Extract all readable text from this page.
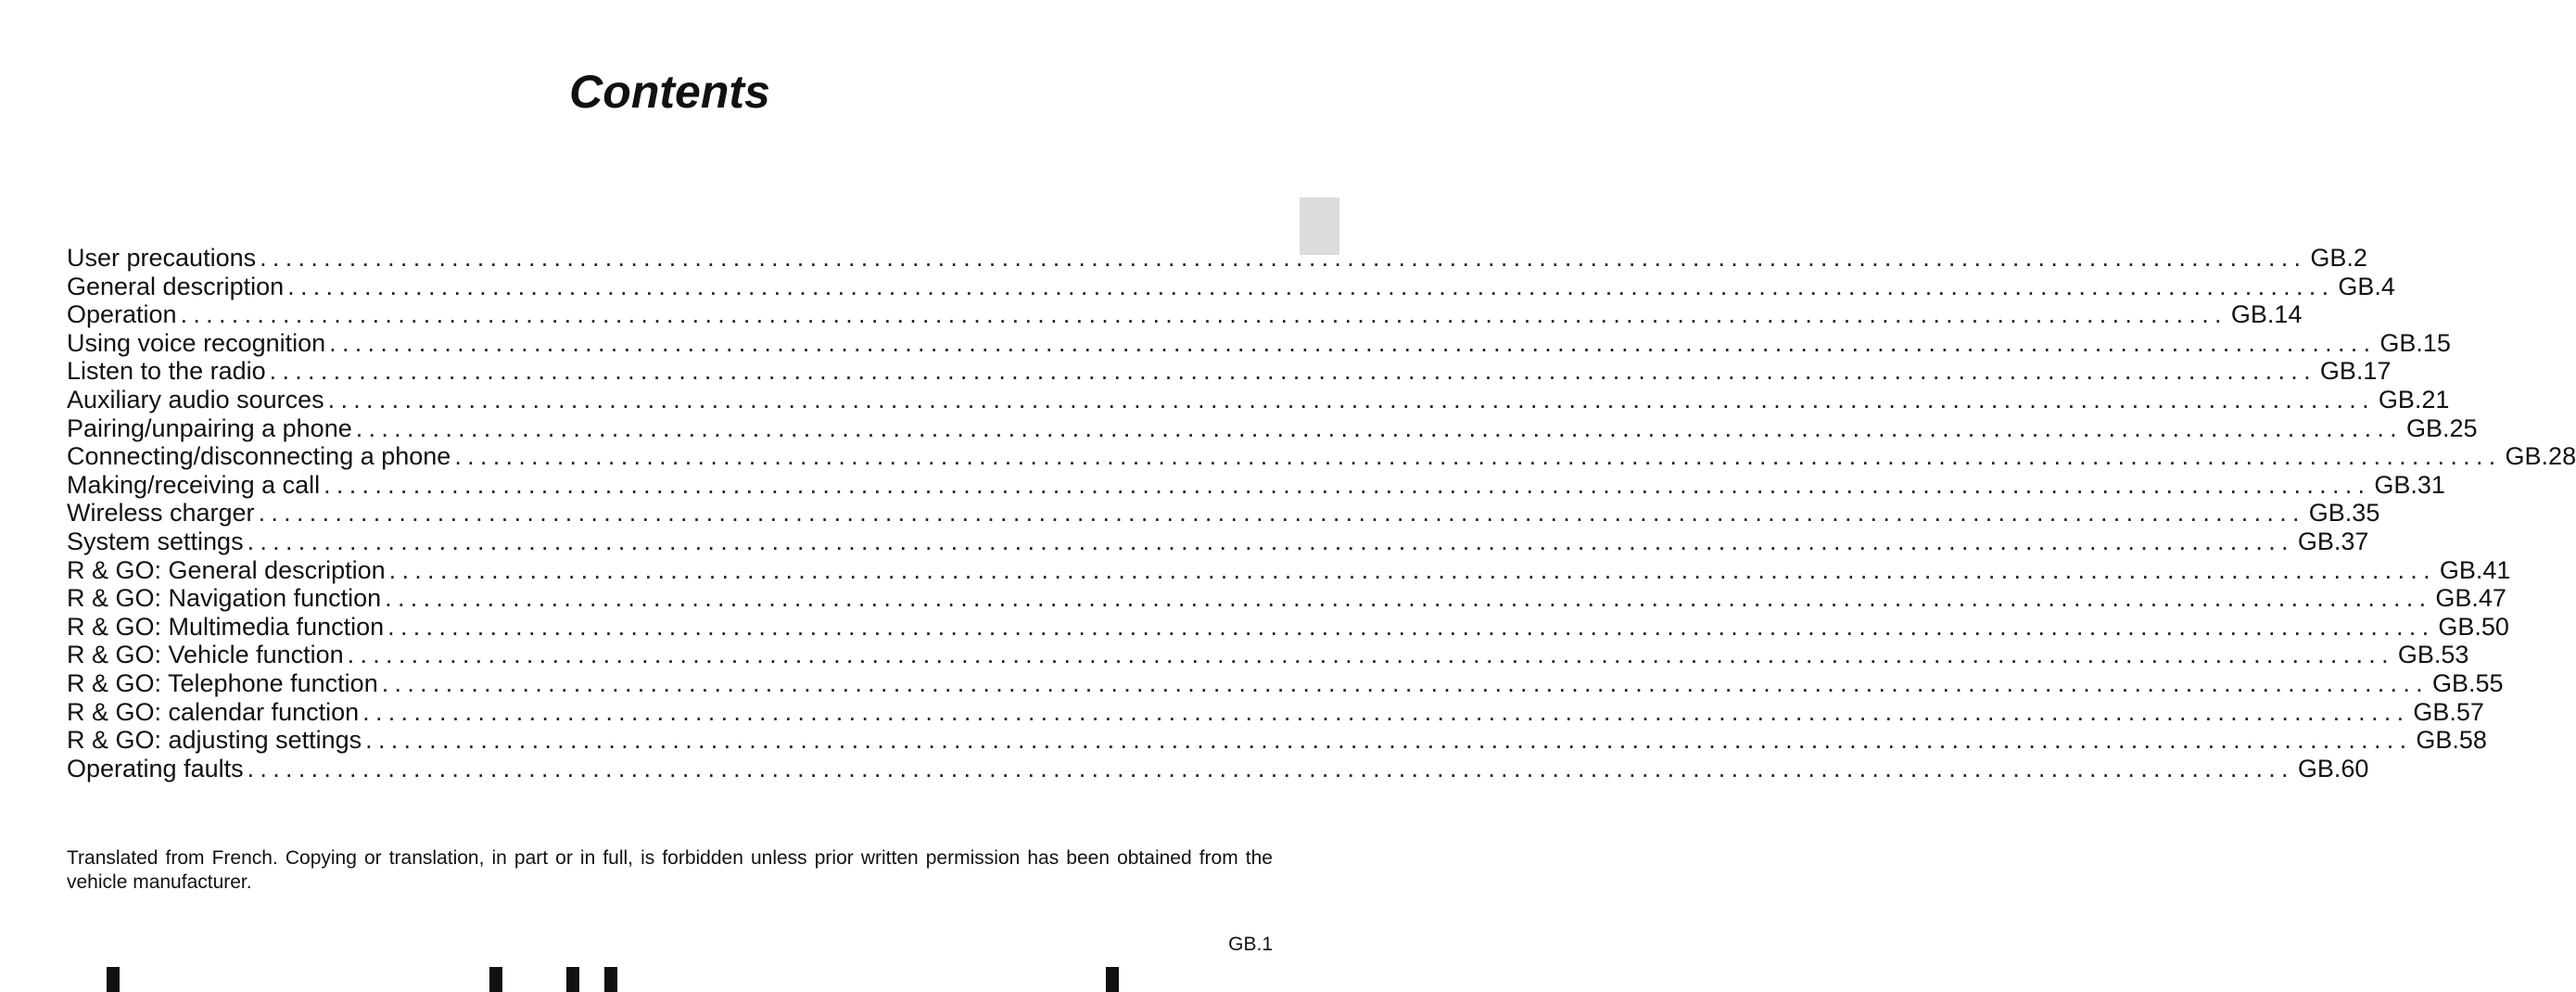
Contents
User precautions ................................................................................................................................................................ GB.2
General description ................................................................................................................................................................ GB.4
Operation ................................................................................................................................................................ GB.14
Using voice recognition ................................................................................................................................................................ GB.15
Listen to the radio ................................................................................................................................................................ GB.17
Auxiliary audio sources ................................................................................................................................................................ GB.21
Pairing/unpairing a phone ................................................................................................................................................................ GB.25
Connecting/disconnecting a phone ................................................................................................................................................................ GB.28
Making/receiving a call ................................................................................................................................................................ GB.31
Wireless charger ................................................................................................................................................................ GB.35
System settings ................................................................................................................................................................ GB.37
R & GO: General description ................................................................................................................................................................ GB.41
R & GO: Navigation function ................................................................................................................................................................ GB.47
R & GO: Multimedia function ................................................................................................................................................................ GB.50
R & GO: Vehicle function ................................................................................................................................................................ GB.53
R & GO: Telephone function ................................................................................................................................................................ GB.55
R & GO: calendar function ................................................................................................................................................................ GB.57
R & GO: adjusting settings ................................................................................................................................................................ GB.58
Operating faults ................................................................................................................................................................ GB.60

Translated from French. Copying or translation, in part or in full, is forbidden unless prior written permission has been obtained from the vehicle manufacturer.

GB.1
